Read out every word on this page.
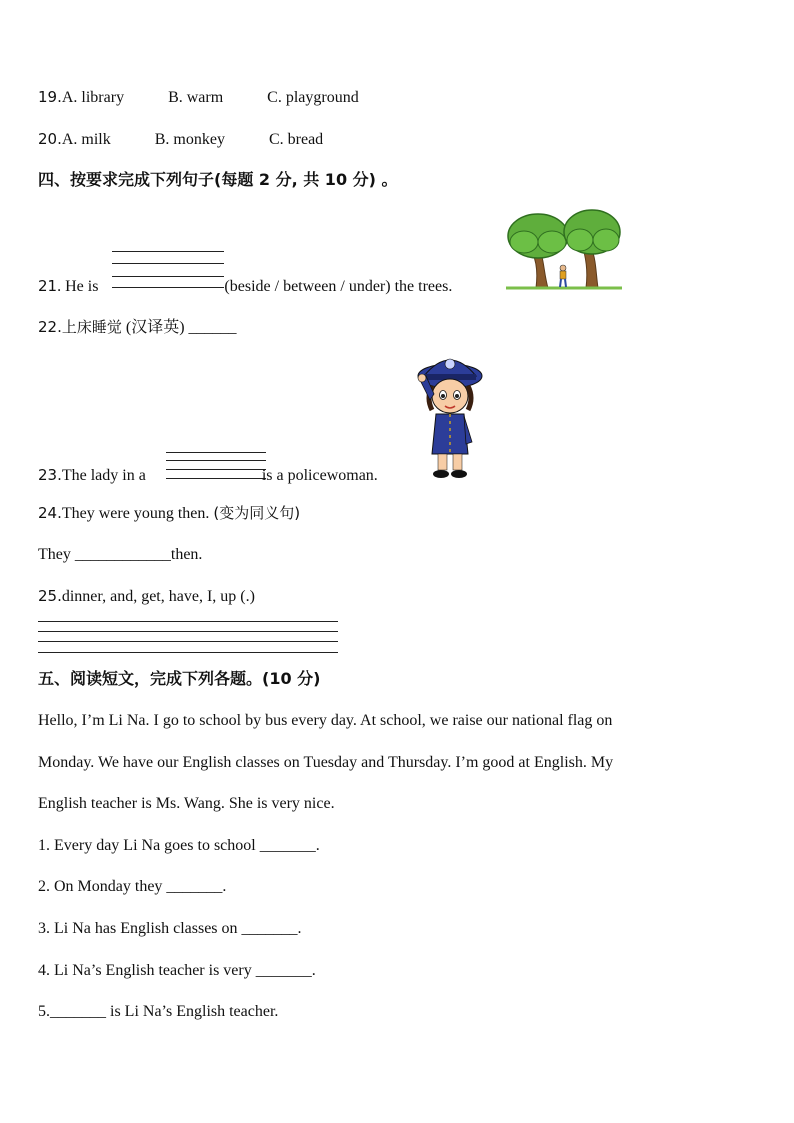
19.A. library	B. warm	C. playground
20.A. milk	B. monkey	C. bread
四、按要求完成下列句子(每题 2 分, 共 10 分) 。
21. He is	(beside / between / under) the trees.
22.上床睡觉 (汉译英) ______
23.The lady in a	is a policewoman.
24.They were young then. (变为同义句)
They ____________then.
25.dinner, and, get, have, I, up (.)
五、阅读短文，完成下列各题。(10 分)
Hello, I’m Li Na. I go to school by bus every day. At school, we raise our national flag on
Monday. We have our English classes on Tuesday and Thursday. I’m good at English. My
English teacher is Ms. Wang. She is very nice.
1. Every day Li Na goes to school _______.
2. On Monday they _______.
3. Li Na has English classes on _______.
4. Li Na’s English teacher is very _______.
5._______ is Li Na’s English teacher.
